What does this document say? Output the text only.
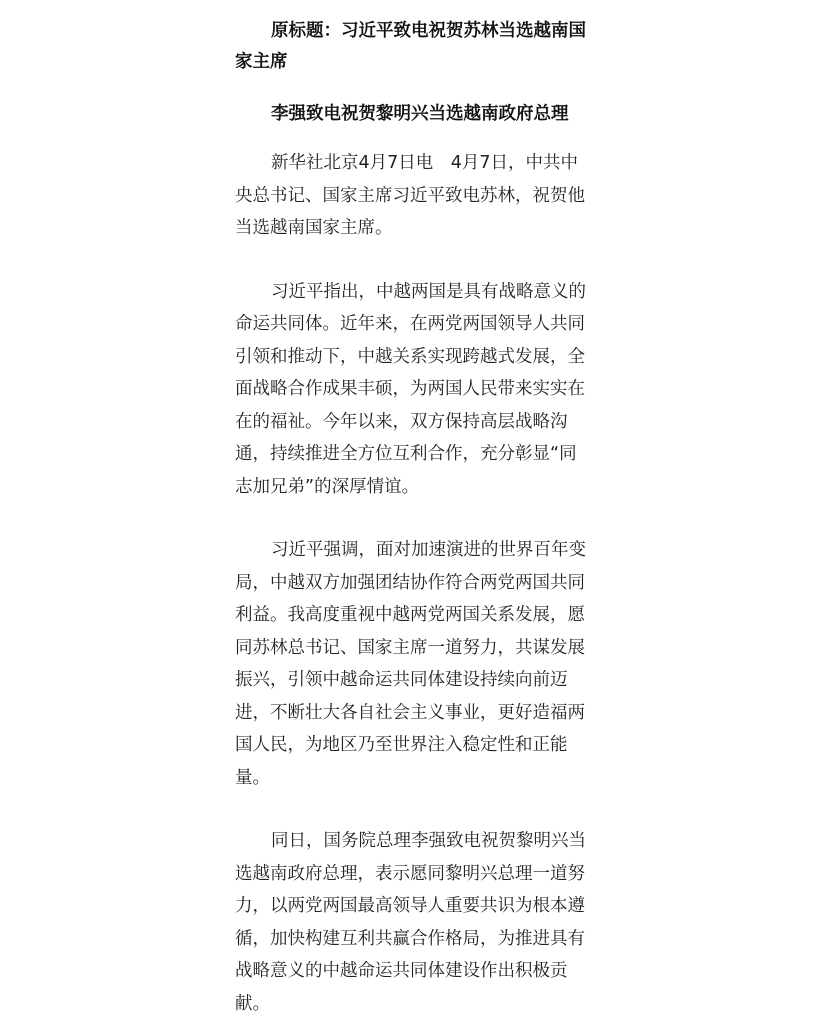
原标题：习近平致电祝贺苏林当选越南国家主席

李强致电祝贺黎明兴当选越南政府总理

新华社北京4月7日电　4月7日，中共中央总书记、国家主席习近平致电苏林，祝贺他当选越南国家主席。

习近平指出，中越两国是具有战略意义的命运共同体。近年来，在两党两国领导人共同引领和推动下，中越关系实现跨越式发展，全面战略合作成果丰硕，为两国人民带来实实在在的福祉。今年以来，双方保持高层战略沟通，持续推进全方位互利合作，充分彰显“同志加兄弟”的深厚情谊。

习近平强调，面对加速演进的世界百年变局，中越双方加强团结协作符合两党两国共同利益。我高度重视中越两党两国关系发展，愿同苏林总书记、国家主席一道努力，共谋发展振兴，引领中越命运共同体建设持续向前迈进，不断壮大各自社会主义事业，更好造福两国人民，为地区乃至世界注入稳定性和正能量。

同日，国务院总理李强致电祝贺黎明兴当选越南政府总理，表示愿同黎明兴总理一道努力，以两党两国最高领导人重要共识为根本遵循，加快构建互利共赢合作格局，为推进具有战略意义的中越命运共同体建设作出积极贡献。
